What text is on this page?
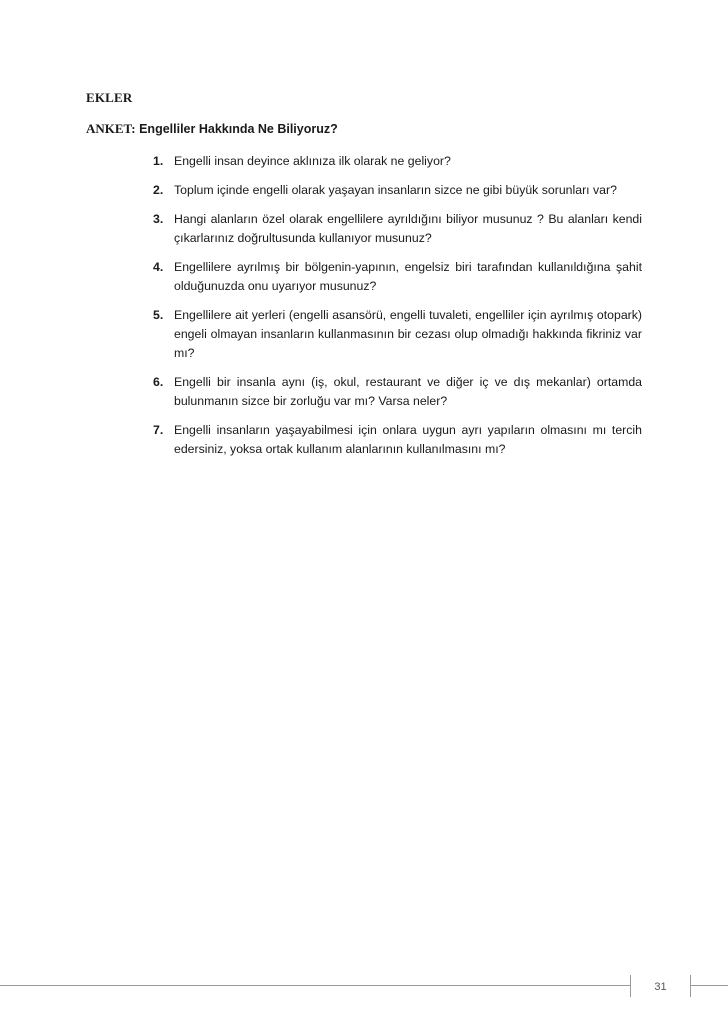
EKLER
ANKET: Engelliler Hakkında Ne Biliyoruz?
1. Engelli insan deyince aklınıza ilk olarak ne geliyor?
2. Toplum içinde engelli olarak yaşayan insanların sizce ne gibi büyük sorunları var?
3. Hangi alanların özel olarak engellilere ayrıldığını biliyor musunuz ? Bu alanları kendi çıkarlarınız doğrultusunda kullanıyor musunuz?
4. Engellilere ayrılmış bir bölgenin-yapının, engelsiz biri tarafından kullanıldığına şahit olduğunuzda onu uyarıyor musunuz?
5. Engellilere ait yerleri (engelli asansörü, engelli tuvaleti, engelliler için ayrılmış otopark) engeli olmayan insanların kullanmasının bir cezası olup olmadığı hakkında fikriniz var mı?
6. Engelli bir insanla aynı (iş, okul, restaurant ve diğer iç ve dış mekanlar) ortamda bulunmanın sizce bir zorluğu var mı? Varsa neler?
7. Engelli insanların yaşayabilmesi için onlara uygun ayrı yapıların olmasını mı tercih edersiniz, yoksa ortak kullanım alanlarının kullanılmasını mı?
31
